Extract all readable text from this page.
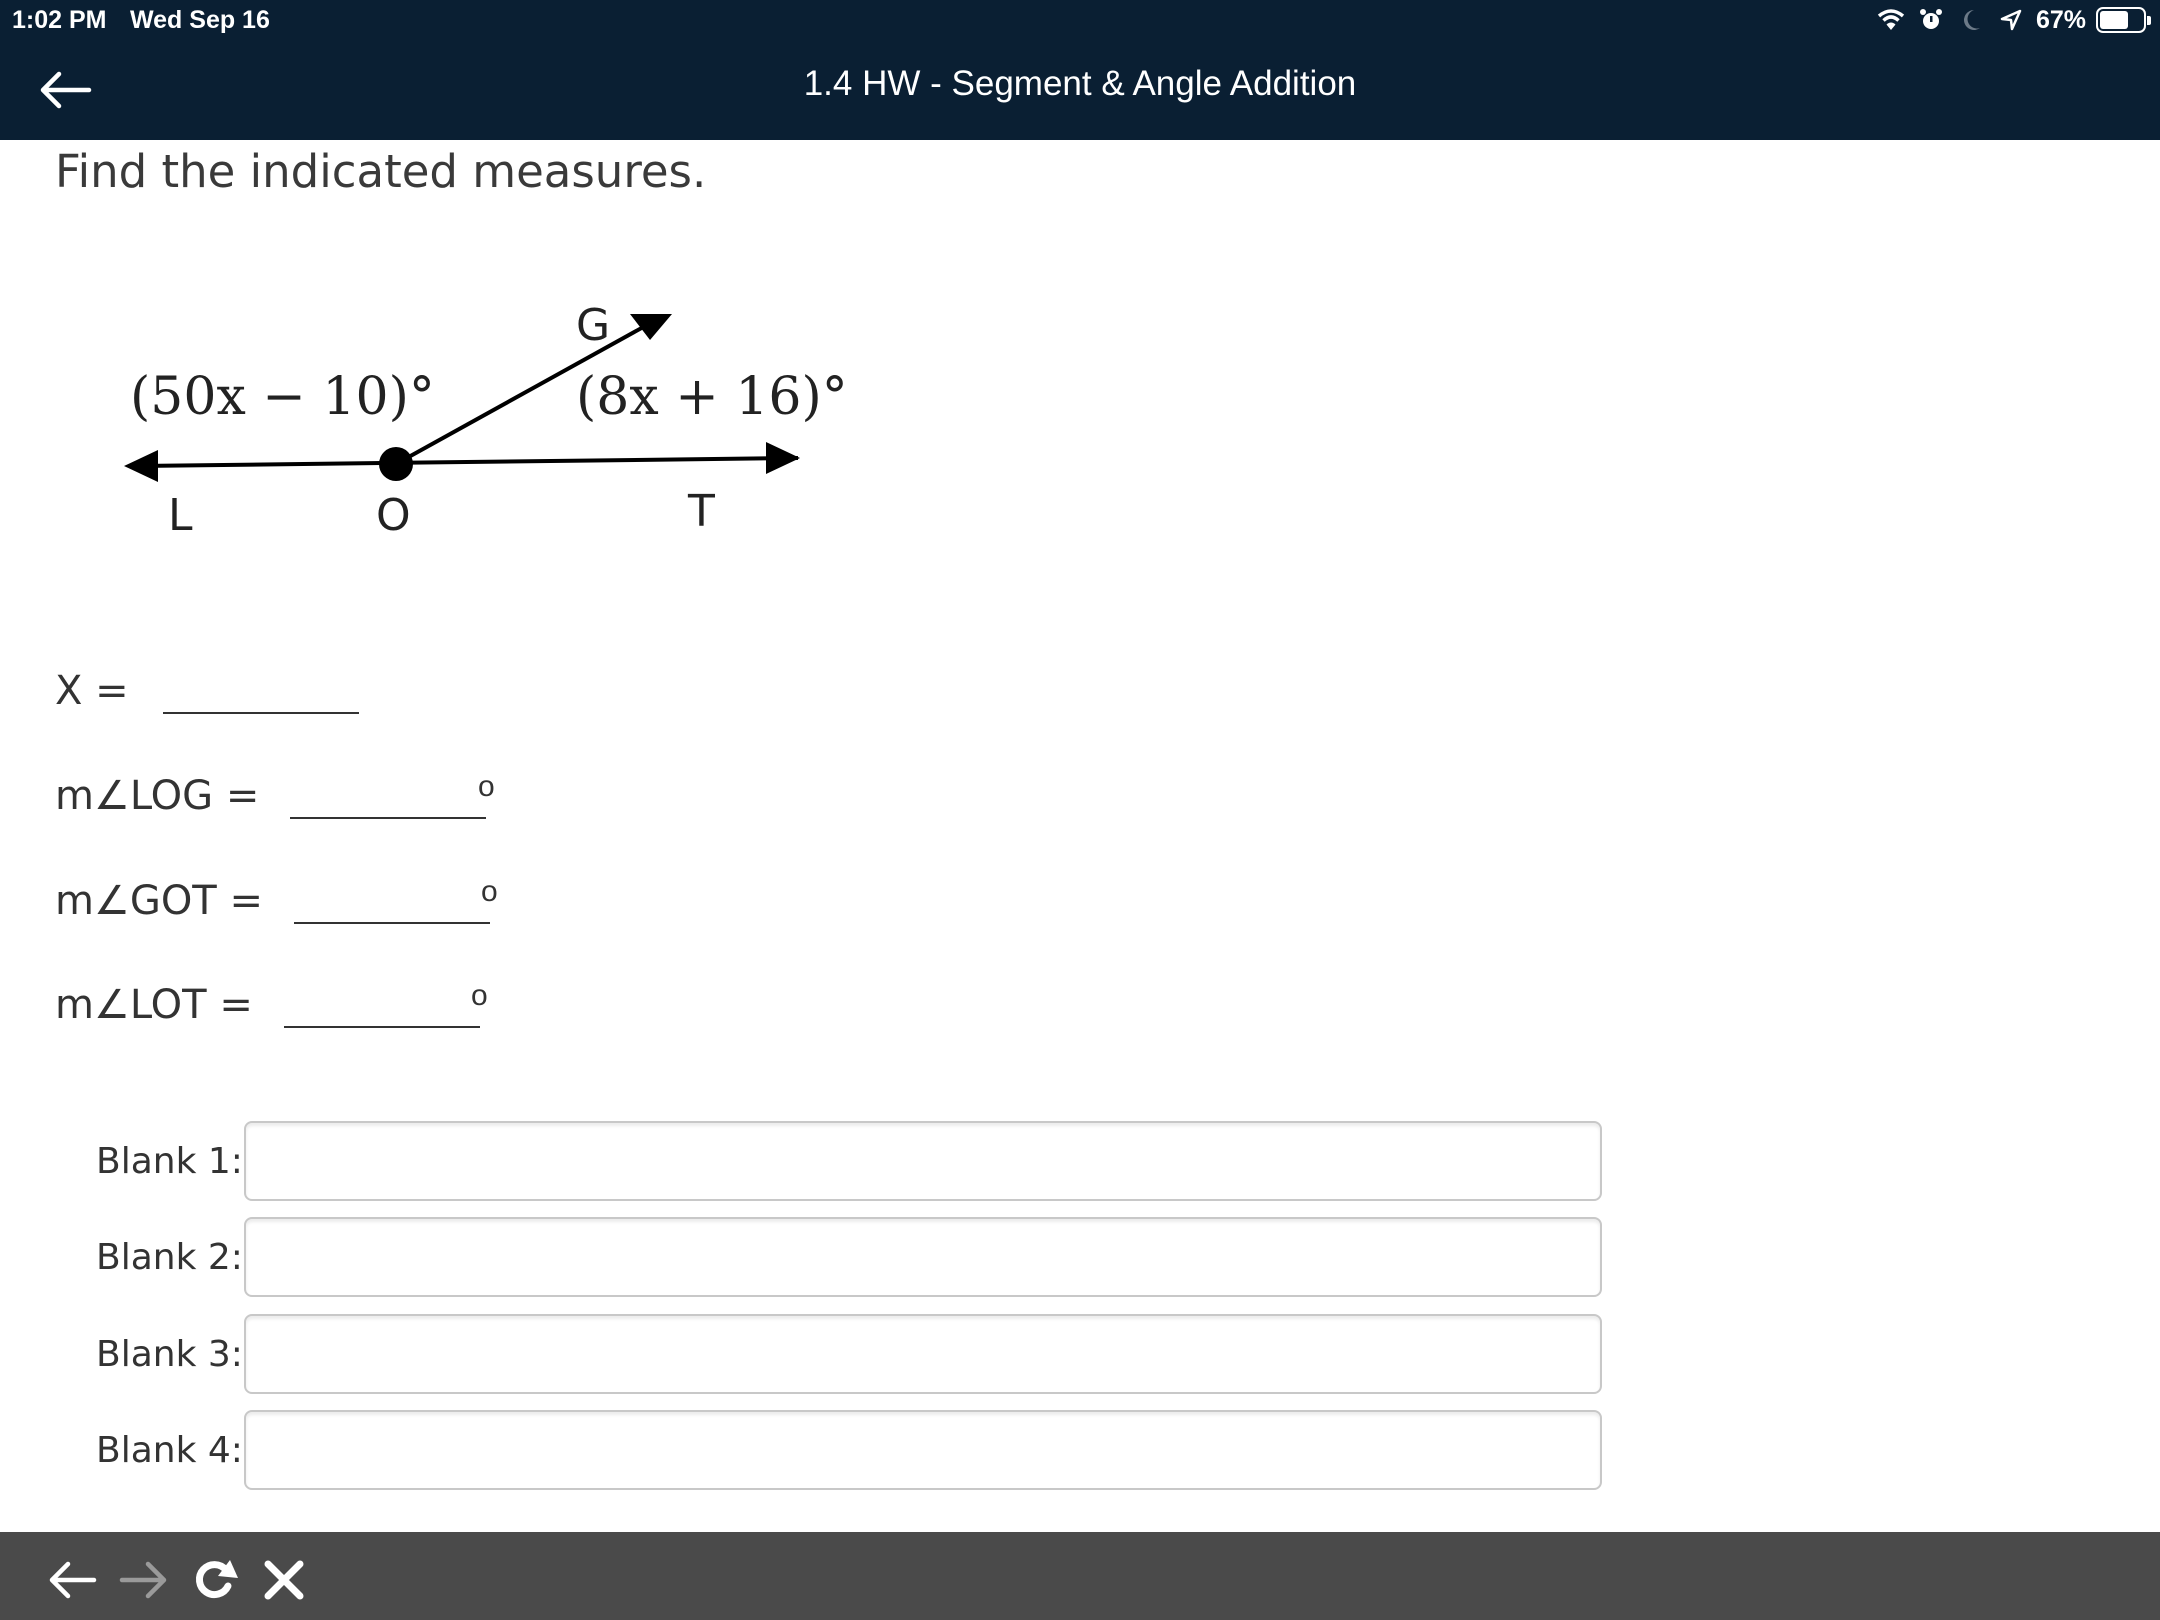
1:02 PM Wed Sep 16	67%
1.4 HW - Segment & Angle Addition
Find the indicated measures.
G
L	O	T
(50x − 10)°	(8x + 16)°
X =
m∠LOG =	o
m∠GOT =	o
m∠LOT =	o
Blank 1:
Blank 2:
Blank 3:
Blank 4:
